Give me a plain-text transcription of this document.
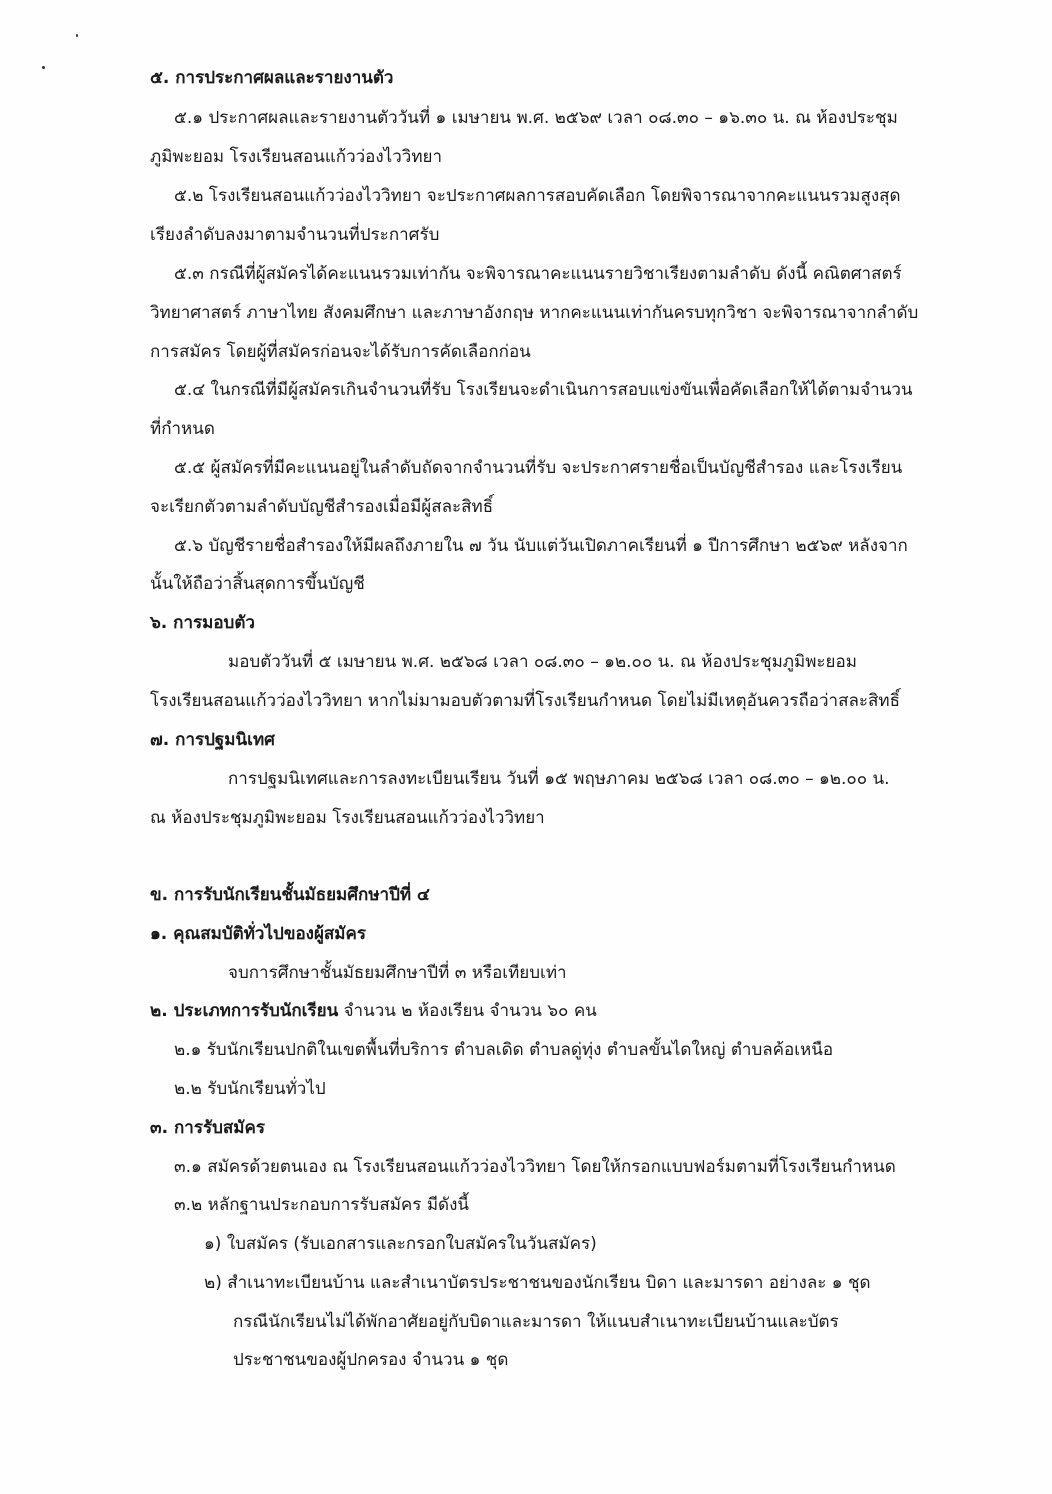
๕. การประกาศผลและรายงานตัว
๕.๑ ประกาศผลและรายงานตัววันที่ ๑ เมษายน พ.ศ. ๒๕๖๙ เวลา ๐๘.๓๐ – ๑๖.๓๐ น. ณ ห้องประชุม
ภูมิพะยอม โรงเรียนสอนแก้วว่องไววิทยา
๕.๒ โรงเรียนสอนแก้วว่องไววิทยา จะประกาศผลการสอบคัดเลือก โดยพิจารณาจากคะแนนรวมสูงสุด
เรียงลำดับลงมาตามจำนวนที่ประกาศรับ
๕.๓ กรณีที่ผู้สมัครได้คะแนนรวมเท่ากัน จะพิจารณาคะแนนรายวิชาเรียงตามลำดับ ดังนี้ คณิตศาสตร์
วิทยาศาสตร์ ภาษาไทย สังคมศึกษา และภาษาอังกฤษ หากคะแนนเท่ากันครบทุกวิชา จะพิจารณาจากลำดับ
การสมัคร โดยผู้ที่สมัครก่อนจะได้รับการคัดเลือกก่อน
๕.๔ ในกรณีที่มีผู้สมัครเกินจำนวนที่รับ โรงเรียนจะดำเนินการสอบแข่งขันเพื่อคัดเลือกให้ได้ตามจำนวน
ที่กำหนด
๕.๕ ผู้สมัครที่มีคะแนนอยู่ในลำดับถัดจากจำนวนที่รับ จะประกาศรายชื่อเป็นบัญชีสำรอง และโรงเรียน
จะเรียกตัวตามลำดับบัญชีสำรองเมื่อมีผู้สละสิทธิ์
๕.๖ บัญชีรายชื่อสำรองให้มีผลถึงภายใน ๗ วัน นับแต่วันเปิดภาคเรียนที่ ๑ ปีการศึกษา ๒๕๖๙ หลังจาก
นั้นให้ถือว่าสิ้นสุดการขึ้นบัญชี
๖. การมอบตัว
มอบตัววันที่ ๕ เมษายน พ.ศ. ๒๕๖๘ เวลา ๐๘.๓๐ – ๑๒.๐๐ น. ณ ห้องประชุมภูมิพะยอม
โรงเรียนสอนแก้วว่องไววิทยา หากไม่มามอบตัวตามที่โรงเรียนกำหนด โดยไม่มีเหตุอันควรถือว่าสละสิทธิ์
๗. การปฐมนิเทศ
การปฐมนิเทศและการลงทะเบียนเรียน วันที่ ๑๕ พฤษภาคม ๒๕๖๘ เวลา ๐๘.๓๐ – ๑๒.๐๐ น.
ณ ห้องประชุมภูมิพะยอม โรงเรียนสอนแก้วว่องไววิทยา
ข. การรับนักเรียนชั้นมัธยมศึกษาปีที่ ๔
๑. คุณสมบัติทั่วไปของผู้สมัคร
จบการศึกษาชั้นมัธยมศึกษาปีที่ ๓ หรือเทียบเท่า
๒. ประเภทการรับนักเรียน จำนวน ๒ ห้องเรียน จำนวน ๖๐ คน
๒.๑ รับนักเรียนปกติในเขตพื้นที่บริการ ตำบลเดิด ตำบลดู่ทุ่ง ตำบลขั้นไดใหญ่ ตำบลค้อเหนือ
๒.๒ รับนักเรียนทั่วไป
๓. การรับสมัคร
๓.๑ สมัครด้วยตนเอง ณ โรงเรียนสอนแก้วว่องไววิทยา โดยให้กรอกแบบฟอร์มตามที่โรงเรียนกำหนด
๓.๒ หลักฐานประกอบการรับสมัคร มีดังนี้
๑) ใบสมัคร (รับเอกสารและกรอกใบสมัครในวันสมัคร)
๒) สำเนาทะเบียนบ้าน และสำเนาบัตรประชาชนของนักเรียน บิดา และมารดา อย่างละ ๑ ชุด
กรณีนักเรียนไม่ได้พักอาศัยอยู่กับบิดาและมารดา ให้แนบสำเนาทะเบียนบ้านและบัตร
ประชาชนของผู้ปกครอง จำนวน ๑ ชุด
